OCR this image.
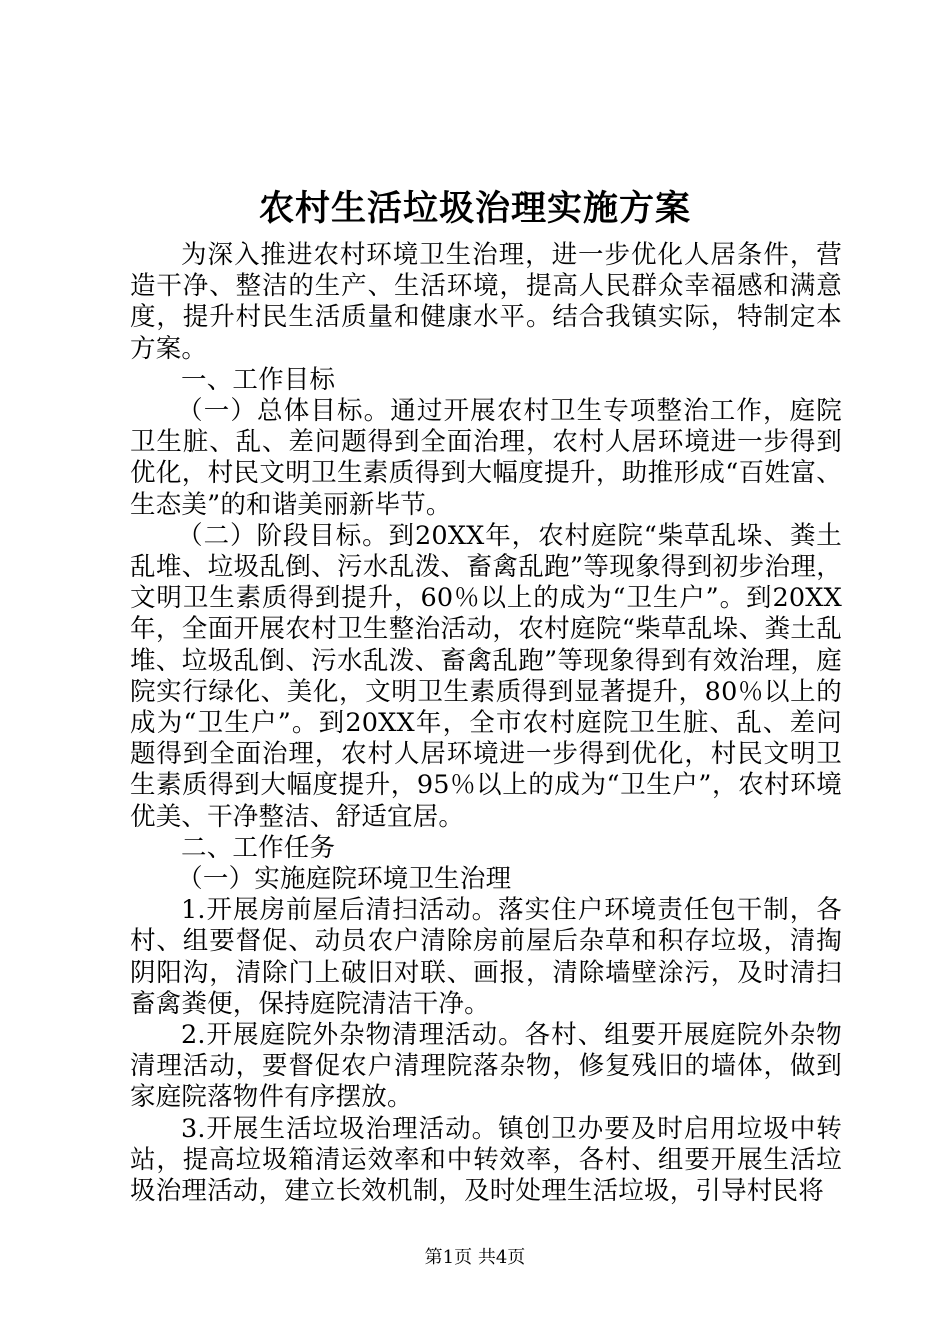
农村生活垃圾治理实施方案

为深入推进农村环境卫生治理，进一步优化人居条件，营造干净、整洁的生产、生活环境，提高人民群众幸福感和满意度，提升村民生活质量和健康水平。结合我镇实际，特制定本方案。

一、工作目标

（一）总体目标。通过开展农村卫生专项整治工作，庭院卫生脏、乱、差问题得到全面治理，农村人居环境进一步得到优化，村民文明卫生素质得到大幅度提升，助推形成“百姓富、生态美”的和谐美丽新毕节。

（二）阶段目标。到20XX年，农村庭院“柴草乱垛、粪土乱堆、垃圾乱倒、污水乱泼、畜禽乱跑”等现象得到初步治理，文明卫生素质得到提升，60％以上的成为“卫生户”。到20XX年，全面开展农村卫生整治活动，农村庭院“柴草乱垛、粪土乱堆、垃圾乱倒、污水乱泼、畜禽乱跑”等现象得到有效治理，庭院实行绿化、美化，文明卫生素质得到显著提升，80％以上的成为“卫生户”。到20XX年，全市农村庭院卫生脏、乱、差问题得到全面治理，农村人居环境进一步得到优化，村民文明卫生素质得到大幅度提升，95％以上的成为“卫生户”，农村环境优美、干净整洁、舒适宜居。

二、工作任务

（一）实施庭院环境卫生治理

1.开展房前屋后清扫活动。落实住户环境责任包干制，各村、组要督促、动员农户清除房前屋后杂草和积存垃圾，清掏阴阳沟，清除门上破旧对联、画报，清除墙壁涂污，及时清扫畜禽粪便，保持庭院清洁干净。

2.开展庭院外杂物清理活动。各村、组要开展庭院外杂物清理活动，要督促农户清理院落杂物，修复残旧的墙体，做到家庭院落物件有序摆放。

3.开展生活垃圾治理活动。镇创卫办要及时启用垃圾中转站，提高垃圾箱清运效率和中转效率，各村、组要开展生活垃圾治理活动，建立长效机制，及时处理生活垃圾，引导村民将

第1页 共4页
